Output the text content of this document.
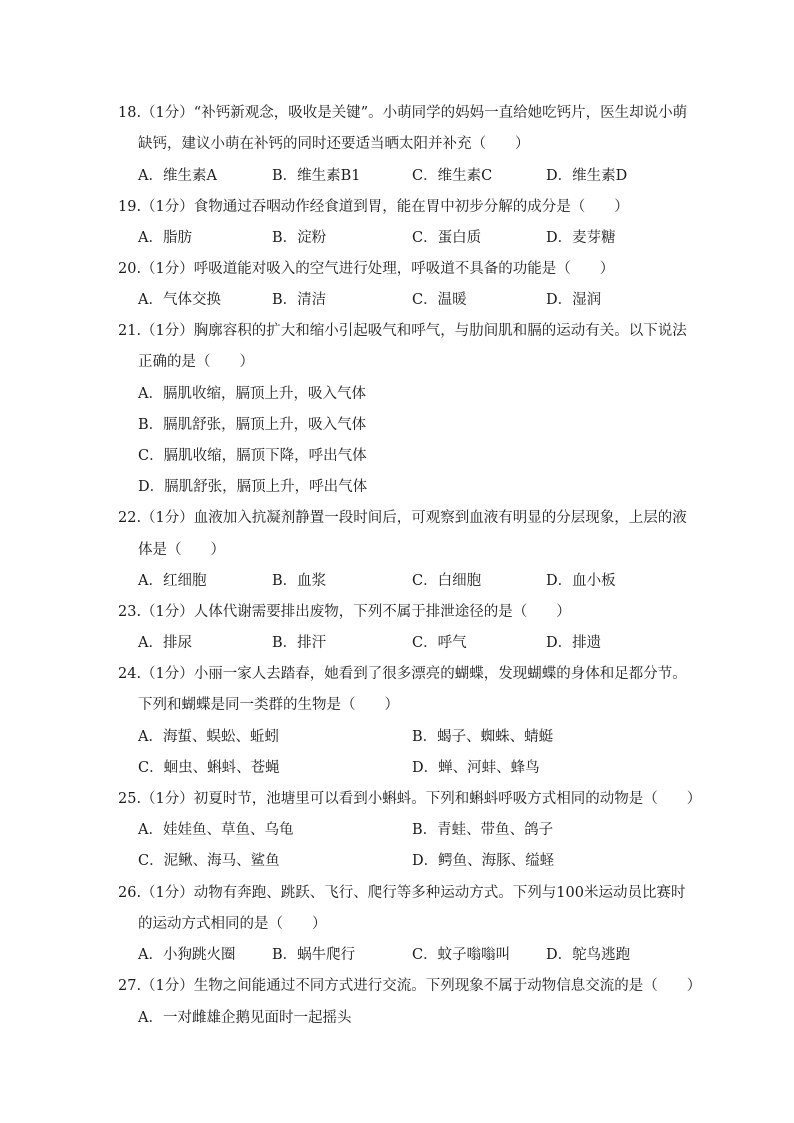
18.（1分）“补钙新观念，吸收是关键”。小萌同学的妈妈一直给她吃钙片，医生却说小萌
缺钙，建议小萌在补钙的同时还要适当晒太阳并补充（　　）
A．维生素A	B．维生素B1	C．维生素C	D．维生素D
19.（1分）食物通过吞咽动作经食道到胃，能在胃中初步分解的成分是（　　）
A．脂肪	B．淀粉	C．蛋白质	D．麦芽糖
20.（1分）呼吸道能对吸入的空气进行处理，呼吸道不具备的功能是（　　）
A．气体交换	B．清洁	C．温暖	D．湿润
21.（1分）胸廓容积的扩大和缩小引起吸气和呼气，与肋间肌和膈的运动有关。以下说法
正确的是（　　）
A．膈肌收缩，膈顶上升，吸入气体
B．膈肌舒张，膈顶上升，吸入气体
C．膈肌收缩，膈顶下降，呼出气体
D．膈肌舒张，膈顶上升，呼出气体
22.（1分）血液加入抗凝剂静置一段时间后，可观察到血液有明显的分层现象，上层的液
体是（　　）
A．红细胞	B．血浆	C．白细胞	D．血小板
23.（1分）人体代谢需要排出废物，下列不属于排泄途径的是（　　）
A．排尿	B．排汗	C．呼气	D．排遗
24.（1分）小丽一家人去踏春，她看到了很多漂亮的蝴蝶，发现蝴蝶的身体和足都分节。
下列和蝴蝶是同一类群的生物是（　　）
A．海蜇、蜈蚣、蚯蚓	B．蝎子、蜘蛛、蜻蜓
C．蛔虫、蝌蚪、苍蝇	D．蝉、河蚌、蜂鸟
25.（1分）初夏时节，池塘里可以看到小蝌蚪。下列和蝌蚪呼吸方式相同的动物是（　　）
A．娃娃鱼、草鱼、乌龟	B．青蛙、带鱼、鸽子
C．泥鳅、海马、鲨鱼	D．鳄鱼、海豚、缢蛏
26.（1分）动物有奔跑、跳跃、飞行、爬行等多种运动方式。下列与100米运动员比赛时
的运动方式相同的是（　　）
A．小狗跳火圈	B．蜗牛爬行	C．蚊子嗡嗡叫 D．鸵鸟逃跑
27.（1分）生物之间能通过不同方式进行交流。下列现象不属于动物信息交流的是（　　）
A．一对雌雄企鹅见面时一起摇头
